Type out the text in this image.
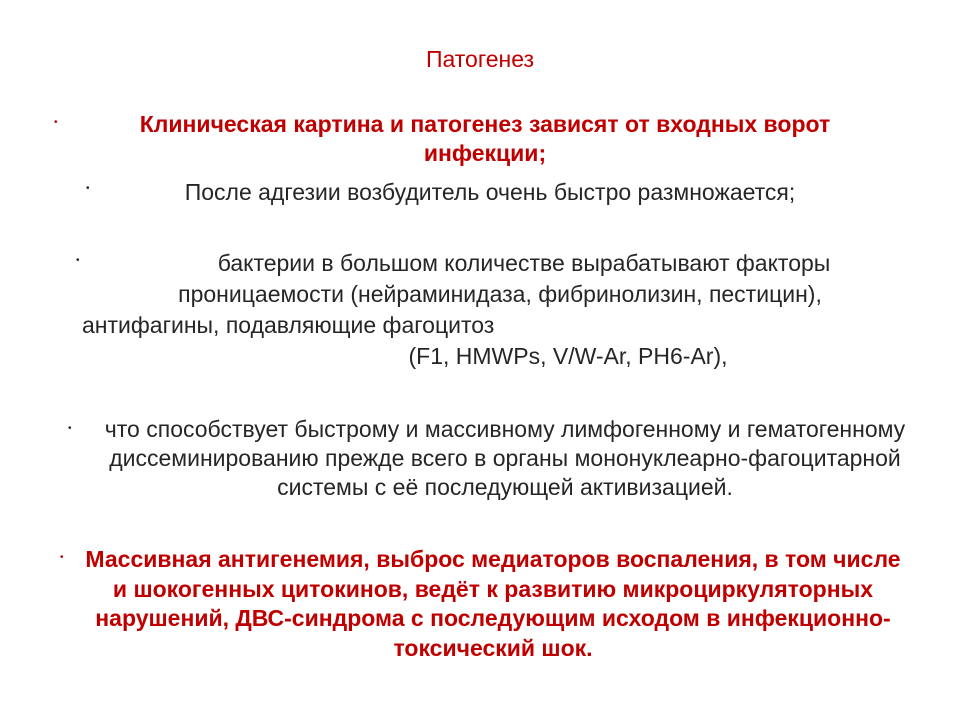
Патогенез
•	Клиническая картина и патогенез зависят от входных ворот инфекции;

•	После адгезии возбудитель очень быстро размножается;

•	бактерии в большом количестве вырабатывают факторы
проницаемости (нейраминидаза, фибринолизин, пестицин),
антифагины, подавляющие фагоцитоз
(F1, HMWPs, V/W-Ar, PH6-Ar),

•	что способствует быстрому и массивному лимфогенному и гематогенному диссеминированию прежде всего в органы мононуклеарно-фагоцитарной системы с её последующей активизацией.

• Массивная антигенемия, выброс медиаторов воспаления, в том числе и шокогенных цитокинов, ведёт к развитию микроциркуляторных нарушений, ДВС-синдрома с последующим исходом в инфекционно-токсический шок.
